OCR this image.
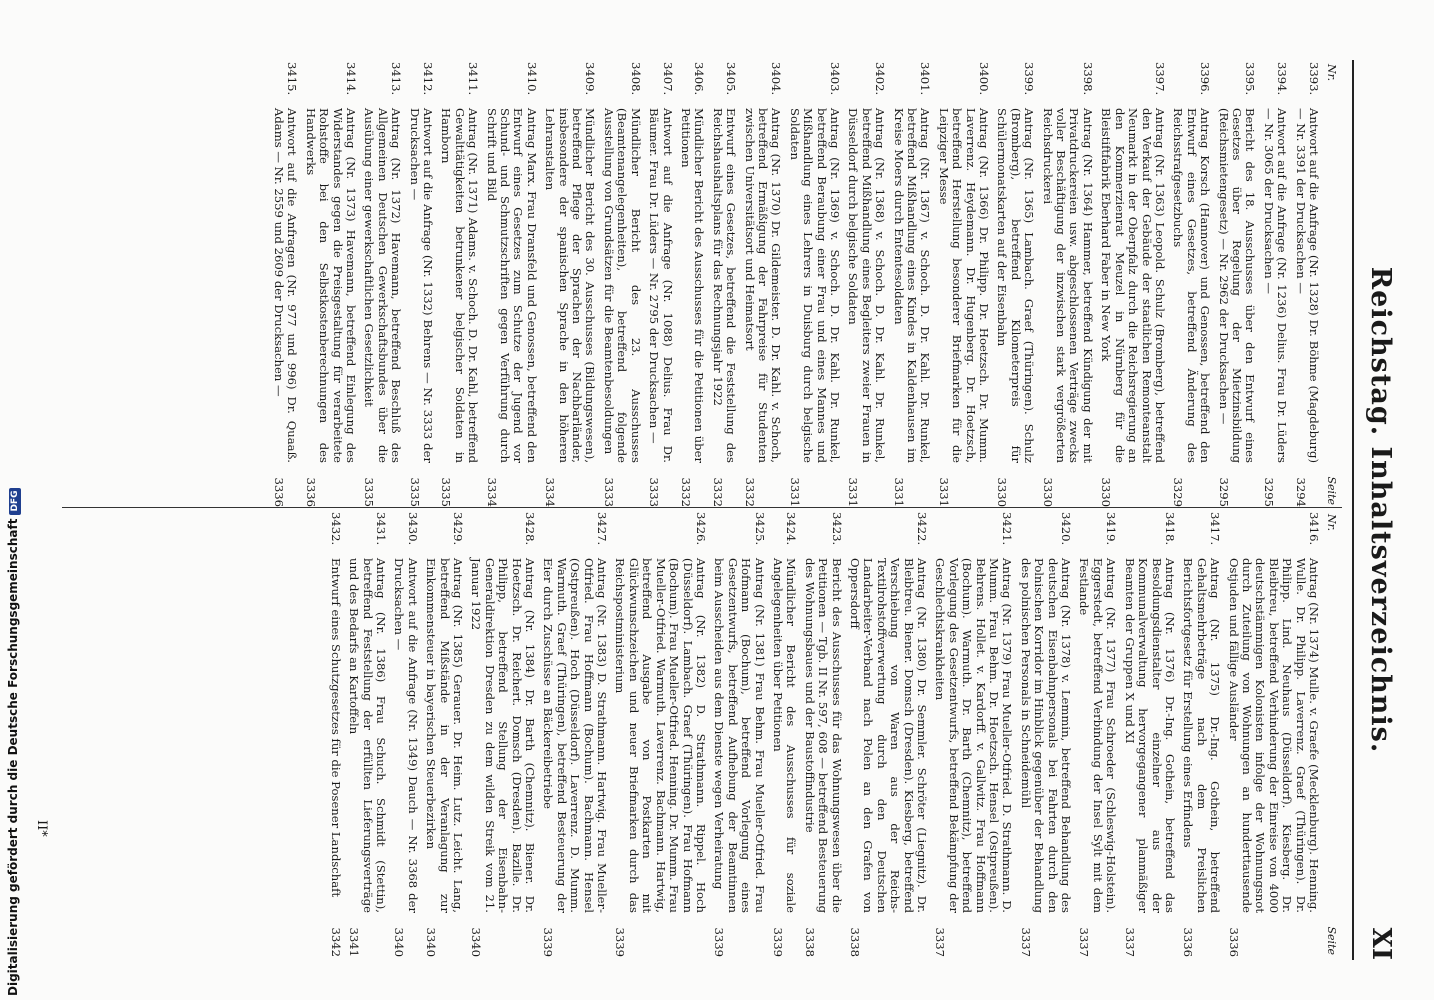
Reichstag. Inhaltsverzeichnis.
XI
Nr.
Seite
3393.
Antwort auf die Anfrage (Nr. 1328) Dr. Böhme (Magdeburg) — Nr. 3391 der Drucksachen —
3294
3394.
Antwort auf die Anfrage (Nr. 1236) Delius. Frau Dr. Lüders — Nr. 3065 der Drucksachen —
3295
3395.
Bericht des 18. Ausschusses über den Entwurf eines Gesetzes über Regelung der Mietzinsbildung (Reichsmietengesetz) — Nr. 2962 der Drucksachen —
3295
3396.
Antrag Korsch (Hannover) und Genossen, betreffend den Entwurf eines Gesetzes, betreffend Änderung des Reichsstrafgesetzbuchs
3329
3397.
Antrag (Nr. 1363) Leopold. Schulz (Bromberg), betreffend den Verkauf der Gebäude der staatlichen Remonteanstalt Neumarkt in der Oberpfalz durch die Reichsregierung an den Kommerzienrat Meuzel in Nürnberg für die Bleistiftfabrik Eberhard Faber in New York
3330
3398.
Antrag (Nr. 1364) Hammer, betreffend Kündigung der mit Privatdruckereien usw. abgeschlossenen Verträge zwecks voller Beschäftigung der inzwischen stark vergrößerten Reichsdruckerei
3330
3399.
Antrag (Nr. 1365) Lambach. Graef (Thüringen). Schulz (Bromberg), betreffend Kilometerpreis für Schülermonatskarten auf der Eisenbahn
3330
3400.
Antrag (Nr. 1366) Dr. Philipp. Dr. Hoetzsch. Dr. Mumm. Laverrenz. Heydemann. Dr. Hugenberg. Dr. Hoetzsch, betreffend Herstellung besonderer Briefmarken für die Leipziger Messe
3331
3401.
Antrag (Nr. 1367) v. Schoch. D. Dr. Kahl. Dr. Runkel, betreffend Mißhandlung eines Kindes in Kaldenhausen im Kreise Moers durch Ententesoldaten
3331
3402.
Antrag (Nr. 1368) v. Schoch. D. Dr. Kahl. Dr. Runkel, betreffend Mißhandlung eines Begleiters zweier Frauen in Düsseldorf durch belgische Soldaten
3331
3403.
Antrag (Nr. 1369) v. Schoch. D. Dr. Kahl. Dr. Runkel, betreffend Beraubung einer Frau und eines Mannes und Mißhandlung eines Lehrers in Duisburg durch belgische Soldaten
3331
3404.
Antrag (Nr. 1370) Dr. Gildemeister. D. Dr. Kahl. v. Schoch, betreffend Ermäßigung der Fahrpreise für Studenten zwischen Universitätsort und Heimatsort
3332
3405.
Entwurf eines Gesetzes, betreffend die Feststellung des Reichshaushaltsplans für das Rechnungsjahr 1922
3332
3406.
Mündlicher Bericht des Ausschusses für die Petitionen über Petitionen
3332
3407.
Antwort auf die Anfrage (Nr. 1088) Delius. Frau Dr. Bäumer. Frau Dr. Lüders — Nr. 2795 der Drucksachen —
3333
3408.
Mündlicher Bericht des 23. Ausschusses (Beamtenangelegenheiten), betreffend folgende Ausstellung von Grundsätzen für die Beamtenbesoldungen
3333
3409.
Mündlicher Bericht des 30. Ausschusses (Bildungswesen), betreffend Pflege der Sprachen der Nachbarländer, insbesondere der spanischen Sprache in den höheren Lehranstalten
3334
3410.
Antrag Marx. Frau Dransfeld und Genossen, betreffend den Entwurf eines Gesetzes zum Schutze der Jugend vor Schund- und Schmutzschriften gegen Verführung durch Schrift und Bild
3334
3411.
Antrag (Nr. 1371) Adams. v. Schoch. D. Dr. Kahl, betreffend Gewalttätigkeiten betrunkener belgischer Soldaten in Hamborn
3335
3412.
Antwort auf die Anfrage (Nr. 1332) Behrens — Nr. 3333 der Drucksachen —
3335
3413.
Antrag (Nr. 1372) Havemann, betreffend Beschluß des Allgemeinen Deutschen Gewerkschaftsbundes über die Ausübung einer gewerkschaftlichen Gesetzlichkeit
3335
3414.
Antrag (Nr. 1373) Havemann, betreffend Einlegung des Widerstandes gegen die Preisgestaltung für verarbeitete Rohstoffe bei den Selbstkostenberechnungen des Handwerks
3336
3415.
Antwort auf die Anfragen (Nr. 977 und 996) Dr. Quaaß. Adams — Nr. 2559 und 2609 der Drucksachen —
3336
Nr.
Seite
3416.
Antrag (Nr. 1374) Mulle. v. Graefe (Mecklenburg). Henning. Wulle. Dr. Philipp. Laverrenz. Graef (Thüringen). Dr. Philipp. Lind. Neuhaus (Düsseldorf). Kiesberg. Dr. Bleibtreu, betreffend Verhinderung der Einreise von 4000 deutschstämmigen Kolonisten infolge der Wohnungsnot durch Zuteilung von Wohnungen an hunderttausende Ostjuden und fällige Ausländer
3336
3417.
Antrag (Nr. 1375) Dr.-Ing. Gothein, betreffend Gehaltsmehrbeträge nach dem Preislichen Berichtsfortgesetz für Erstellung eines Erfindens
3336
3418.
Antrag (Nr. 1376) Dr.-Ing. Gothein, betreffend das Besoldungsdienstalter einzelner aus der Kommunalverwaltung hervorgegangener planmäßiger Beamten der Gruppen X und XI
3337
3419.
Antrag (Nr. 1377) Frau Schroeder (Schleswig-Holstein). Eggerstedt, betreffend Verbindung der Insel Sylt mit dem Festlande
3337
3420.
Antrag (Nr. 1378) v. Lemmin, betreffend Behandlung des deutschen Eisenbahnpersonals bei Fahrten durch den Polnischen Korridor im Hinblick gegenüber der Behandlung des polnischen Personals in Schneidemühl
3337
3421.
Antrag (Nr. 1379) Frau Mueller-Otfried. D. Strathmann. D. Mumm. Frau Behm. Dr. Hoetzsch. Hensel (Ostpreußen). Behrens. Hollet. v. Kardorff. v. Gallwitz. Frau Hoffmann (Bochum). Warmuth. Dr. Barth (Chemnitz), betreffend Vorlegung des Gesetzentwurfs, betreffend Bekämpfung der Geschlechtskrankheiten
3337
3422.
Antrag (Nr. 1380) Dr. Semmler. Schröter (Liegnitz). Dr. Bleibtreu. Biener. Domsch (Dresden). Kiesberg, betreffend Verschiebung von Waren aus der Reichs-Textilrohstoffverwertung durch den Deutschen Landarbeiter-Verband nach Polen an den Grafen von Oppersdorff
3338
3423.
Bericht des Ausschusses für das Wohnungswesen über die Petitionen — Tgb. II Nr. 597, 608 — betreffend Besteuerung des Wohnungsbaues und der Baustoffindustrie
3338
3424.
Mündlicher Bericht des Ausschusses für soziale Angelegenheiten über Petitionen
3339
3425.
Antrag (Nr. 1381) Frau Behm. Frau Mueller-Otfried. Frau Hofmann (Bochum), betreffend Vorlegung eines Gesetzentwurfs, betreffend Aufhebung der Beamtinnen beim Ausscheiden aus dem Dienste wegen Verheiratung
3339
3426.
Antrag (Nr. 1382) D. Strathmann. Rippel. Hoch (Düsseldorf). Lambach. Graef (Thüringen). Frau Hofmann (Bochum). Frau Mueller-Otfried. Henning. Dr. Mumm. Frau Mueller-Otfried. Warmuth. Laverrenz. Bachmann. Hartwig, betreffend Ausgabe von Postkarten mit Glückwunschzeichen und neuer Briefmarken durch das Reichspostministerium
3339
3427.
Antrag (Nr. 1383) D. Strathmann. Hartwig. Frau Mueller-Otfried. Frau Hoffmann (Bochum). Bachmann. Hensel (Ostpreußen). Hoch (Düsseldorf). Laverrenz. D. Mumm. Warmuth. Graef (Thüringen), betreffend Besteuerung der Eier durch Zuschüsse an Bäckereibetriebe
3339
3428.
Antrag (Nr. 1384) Dr. Barth (Chemnitz). Biener. Dr. Hoetzsch. Dr. Reichert. Domsch (Dresden). Bazille. Dr. Philipp, betreffend Stellung der Eisenbahn-Generaldirektion Dresden zu dem wilden Streik vom 21. Januar 1922
3340
3429.
Antrag (Nr. 1385) Gerauer. Dr. Heim. Lutz. Leicht. Lang, betreffend Mißstände in der Veranlagung zur Einkommensteuer in bayerischen Steuerbezirken
3340
3430.
Antwort auf die Anfrage (Nr. 1349) Dauch — Nr. 3368 der Drucksachen —
3340
3431.
Antrag (Nr. 1386) Frau Schuch. Schmidt (Stettin), betreffend Feststellung der erfüllten Lieferungsverträge und des Bedarfs an Kartoffeln
3341
3432.
Entwurf eines Schutzgesetzes für die Posener Landschaft
3342
II*
Digitalisierung gefördert durch die Deutsche ForschungsgemeinschaftDFG
